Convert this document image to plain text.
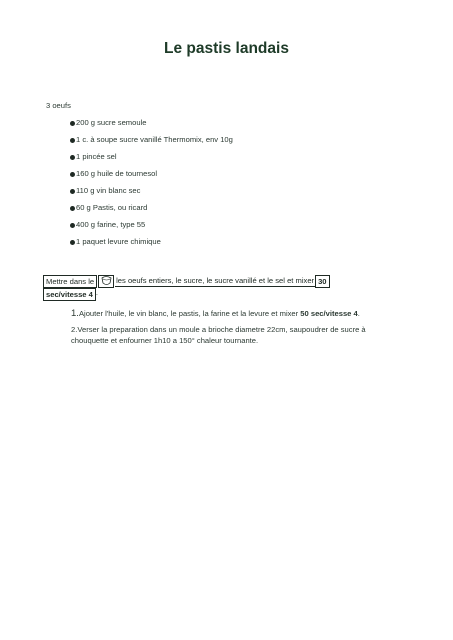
Le pastis landais
3 oeufs
200 g sucre semoule
1 c. à soupe sucre vanillé Thermomix, env 10g
1 pincée sel
160 g huile de tournesol
110 g vin blanc sec
60 g Pastis, ou ricard
400 g farine, type 55
1 paquet levure chimique
Mettre dans le	les oeufs entiers, le sucre, le sucre vanillé et le sel et mixer30
sec/vitesse 4 .
1.Ajouter l'huile, le vin blanc, le pastis, la farine et la levure et mixer 50 sec/vitesse 4.
2.Verser la preparation dans un moule a brioche diametre 22cm, saupoudrer de sucre à chouquette et enfourner 1h10 a 150° chaleur tournante.
